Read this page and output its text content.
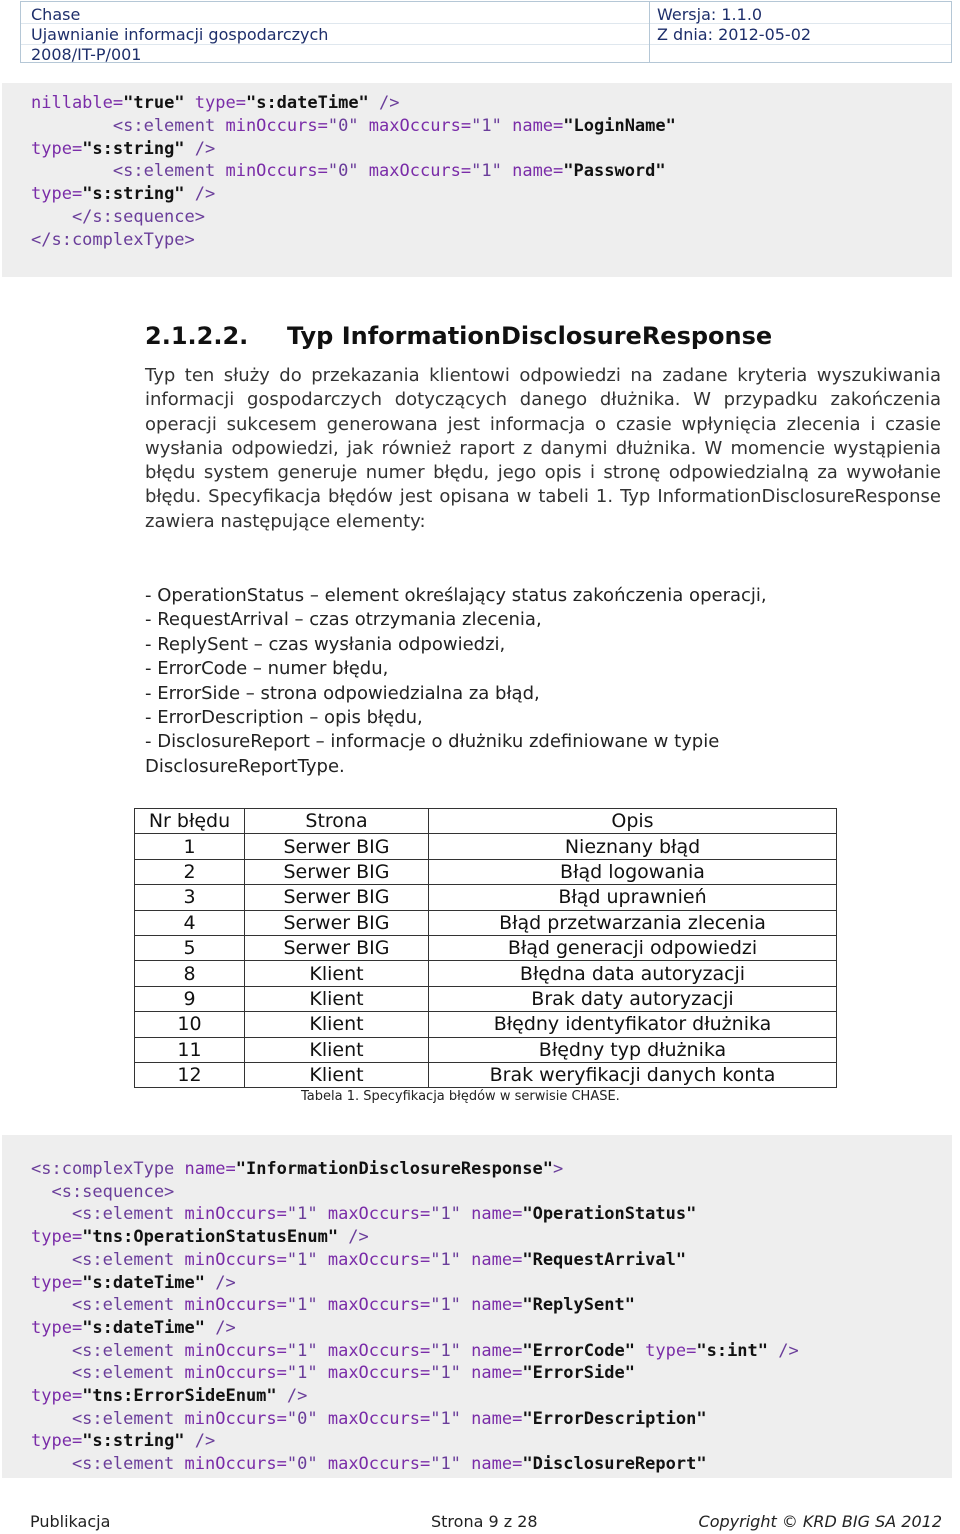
Chase
Ujawnianie informacji gospodarczych
2008/IT-P/001
Wersja: 1.1.0
Z dnia: 2012-05-02
nillable="true" type="s:dateTime" />
<s:element minOccurs="0" maxOccurs="1" name="LoginName"
type="s:string" />
<s:element minOccurs="0" maxOccurs="1" name="Password"
type="s:string" />
</s:sequence>
</s:complexType>
2.1.2.2. Typ InformationDisclosureResponse
Typ ten służy do przekazania klientowi odpowiedzi na zadane kryteria wyszukiwania informacji gospodarczych dotyczących danego dłużnika. W przypadku zakończenia operacji sukcesem generowana jest informacja o czasie wpłynięcia zlecenia i czasie wysłania odpowiedzi, jak również raport z danymi dłużnika. W momencie wystąpienia błędu system generuje numer błędu, jego opis i stronę odpowiedzialną za wywołanie błędu. Specyfikacja błędów jest opisana w tabeli 1. Typ InformationDisclosureResponse zawiera następujące elementy:
- OperationStatus – element określający status zakończenia operacji,
- RequestArrival – czas otrzymania zlecenia,
- ReplySent – czas wysłania odpowiedzi,
- ErrorCode – numer błędu,
- ErrorSide – strona odpowiedzialna za błąd,
- ErrorDescription – opis błędu,
- DisclosureReport – informacje o dłużniku zdefiniowane w typie
DisclosureReportType.
Nr błędu	Strona	Opis
1	Serwer BIG	Nieznany błąd
2	Serwer BIG	Błąd logowania
3	Serwer BIG	Błąd uprawnień
4	Serwer BIG	Błąd przetwarzania zlecenia
5	Serwer BIG	Błąd generacji odpowiedzi
8	Klient	Błędna data autoryzacji
9	Klient	Brak daty autoryzacji
10	Klient	Błędny identyfikator dłużnika
11	Klient	Błędny typ dłużnika
12	Klient	Brak weryfikacji danych konta
Tabela 1. Specyfikacja błędów w serwisie CHASE.
<s:complexType name="InformationDisclosureResponse">
<s:sequence>
<s:element minOccurs="1" maxOccurs="1" name="OperationStatus"
type="tns:OperationStatusEnum" />
<s:element minOccurs="1" maxOccurs="1" name="RequestArrival"
type="s:dateTime" />
<s:element minOccurs="1" maxOccurs="1" name="ReplySent"
type="s:dateTime" />
<s:element minOccurs="1" maxOccurs="1" name="ErrorCode" type="s:int" />
<s:element minOccurs="1" maxOccurs="1" name="ErrorSide"
type="tns:ErrorSideEnum" />
<s:element minOccurs="0" maxOccurs="1" name="ErrorDescription"
type="s:string" />
<s:element minOccurs="0" maxOccurs="1" name="DisclosureReport"
Publikacja	Strona 9 z 28	Copyright © KRD BIG SA 2012
